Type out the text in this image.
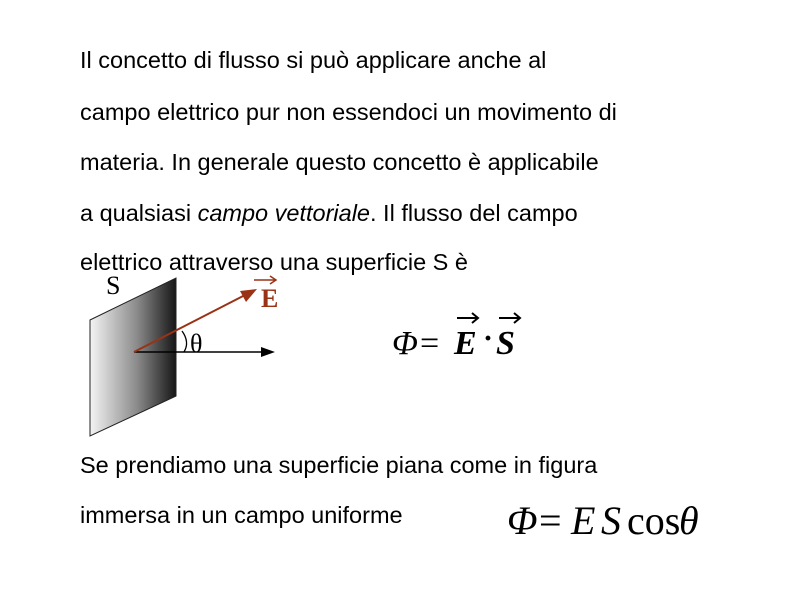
Il concetto di flusso si può applicare anche al
campo elettrico pur non essendoci un movimento di
materia. In generale questo concetto è applicabile
a qualsiasi campo vettoriale. Il flusso del campo
elettrico attraverso una superficie S è
S	E
θ	Φ = E · S
Se prendiamo una superficie piana come in figura
immersa in un campo uniforme	Φ = E S cos
θ
